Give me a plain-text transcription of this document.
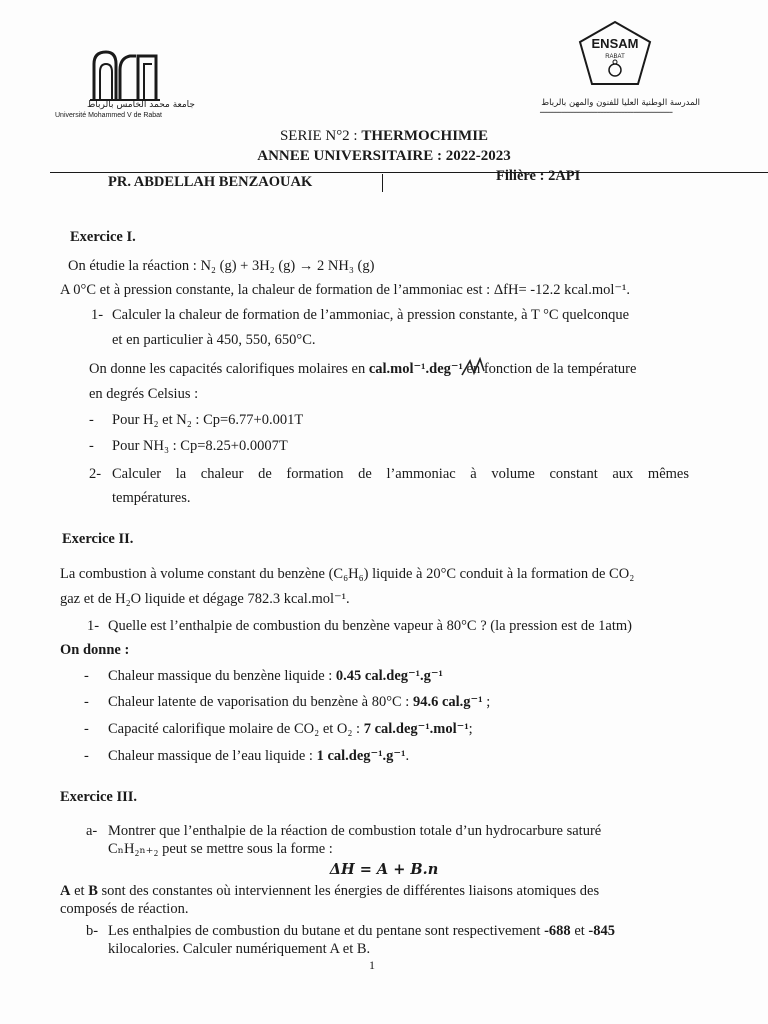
جامعة محمد الخامس بالرباط
Université Mohammed V de Rabat
ENSAM
RABAT
المدرسة الوطنية العليا للفنون والمهن بالرباط
━━━━━━━━━━━━━━━━━━━━━━━━━━━━━━━━━━━━━━━━━━━━
SERIE N°2 : THERMOCHIMIE
ANNEE UNIVERSITAIRE : 2022-2023
PR. ABDELLAH BENZAOUAK	Filière : 2API
Exercice I.
On étudie la réaction : N₂ (g) + 3H₂ (g) → 2 NH₃ (g)
A 0°C et à pression constante, la chaleur de formation de l’ammoniac est : ΔfH= -12.2 kcal.mol⁻¹.
1- Calculer la chaleur de formation de l’ammoniac, à pression constante, à T °C quelconque
et en particulier à 450, 550, 650°C.
On donne les capacités calorifiques molaires en cal.mol⁻¹.deg⁻¹ en fonction de la température
en degrés Celsius :
- Pour H₂ et N₂ : Cp=6.77+0.001T
- Pour NH₃ : Cp=8.25+0.0007T
2- Calculer la chaleur de formation de l’ammoniac à volume constant aux mêmes
températures.
Exercice II.
La combustion à volume constant du benzène (C₆H₆) liquide à 20°C conduit à la formation de CO₂
gaz et de H₂O liquide et dégage 782.3 kcal.mol⁻¹.
1- Quelle est l’enthalpie de combustion du benzène vapeur à 80°C ? (la pression est de 1atm)
On donne :
- Chaleur massique du benzène liquide : 0.45 cal.deg⁻¹.g⁻¹
- Chaleur latente de vaporisation du benzène à 80°C : 94.6 cal.g⁻¹ ;
- Capacité calorifique molaire de CO₂ et O₂ : 7 cal.deg⁻¹.mol⁻¹;
- Chaleur massique de l’eau liquide : 1 cal.deg⁻¹.g⁻¹.
Exercice III.
a- Montrer que l’enthalpie de la réaction de combustion totale d’un hydrocarbure saturé
CₙH₂ₙ₊₂ peut se mettre sous la forme :
ΔH = A + B.n
A et B sont des constantes où interviennent les énergies de différentes liaisons atomiques des
composés de réaction.
b- Les enthalpies de combustion du butane et du pentane sont respectivement -688 et -845
kilocalories. Calculer numériquement A et B.
1
